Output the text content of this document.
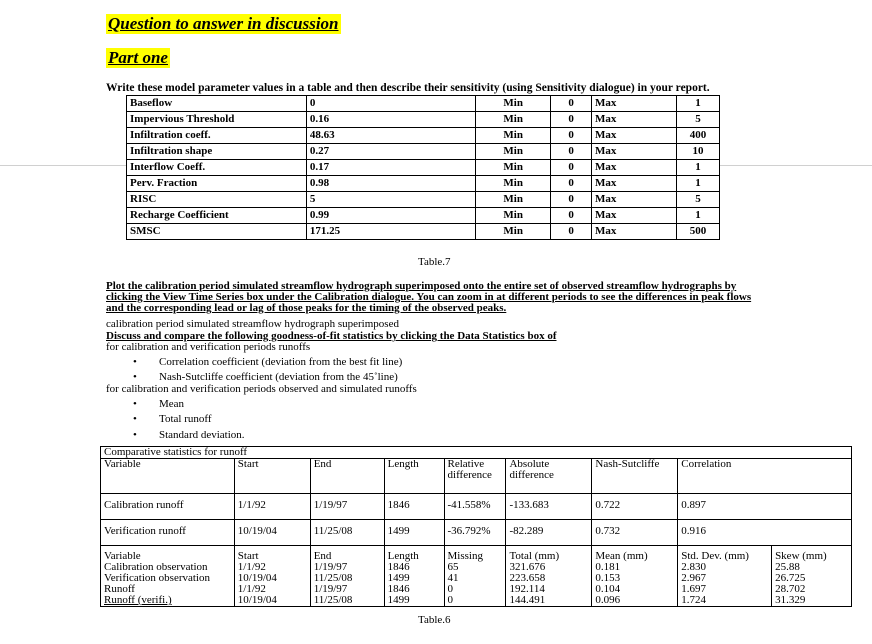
Question to answer in discussion
Part one
Write these model parameter values in a table and then describe their sensitivity (using Sensitivity dialogue) in your report.
Baseflow	0	Min	0	Max	1
Impervious Threshold	0.16	Min	0	Max	5
Infiltration coeff.	48.63	Min	0	Max	400
Infiltration shape	0.27	Min	0	Max	10
Interflow Coeff.	0.17	Min	0	Max	1
Perv. Fraction	0.98	Min	0	Max	1
RISC	5	Min	0	Max	5
Recharge Coefficient	0.99	Min	0	Max	1
SMSC	171.25	Min	0	Max	500
Table.7
Plot the calibration period simulated streamflow hydrograph superimposed onto the entire set of observed streamflow hydrographs by clicking the View Time Series box under the Calibration dialogue. You can zoom in at different periods to see the differences in peak flows and the corresponding lead or lag of those peaks for the timing of the observed peaks.
calibration period simulated streamflow hydrograph superimposed
Discuss and compare the following goodness-of-fit statistics by clicking the Data Statistics box of
for calibration and verification periods runoffs
• Correlation coefficient (deviation from the best fit line)
• Nash-Sutcliffe coefficient (deviation from the 45˚line)
for calibration and verification periods observed and simulated runoffs
• Mean
• Total runoff
• Standard deviation.
Comparative statistics for runoff								
Variable	Start	End	Length	Relative difference	Absolute difference	Nash-Sutcliffe	Correlation	
Calibration runoff	1/1/92	1/19/97	1846	-41.558%	-133.683	0.722	0.897	
Verification runoff	10/19/04	11/25/08	1499	-36.792%	-82.289	0.732	0.916	
Variable	Start	End	Length	Missing	Total (mm)	Mean (mm)	Std. Dev. (mm)	Skew (mm)
Calibration observation	1/1/92	1/19/97	1846	65	321.676	0.181	2.830	25.88
Verification observation	10/19/04	11/25/08	1499	41	223.658	0.153	2.967	26.725
Runoff	1/1/92	1/19/97	1846	0	192.114	0.104	1.697	28.702
Runoff (verifi.)	10/19/04	11/25/08	1499	0	144.491	0.096	1.724	31.329
Table.6
